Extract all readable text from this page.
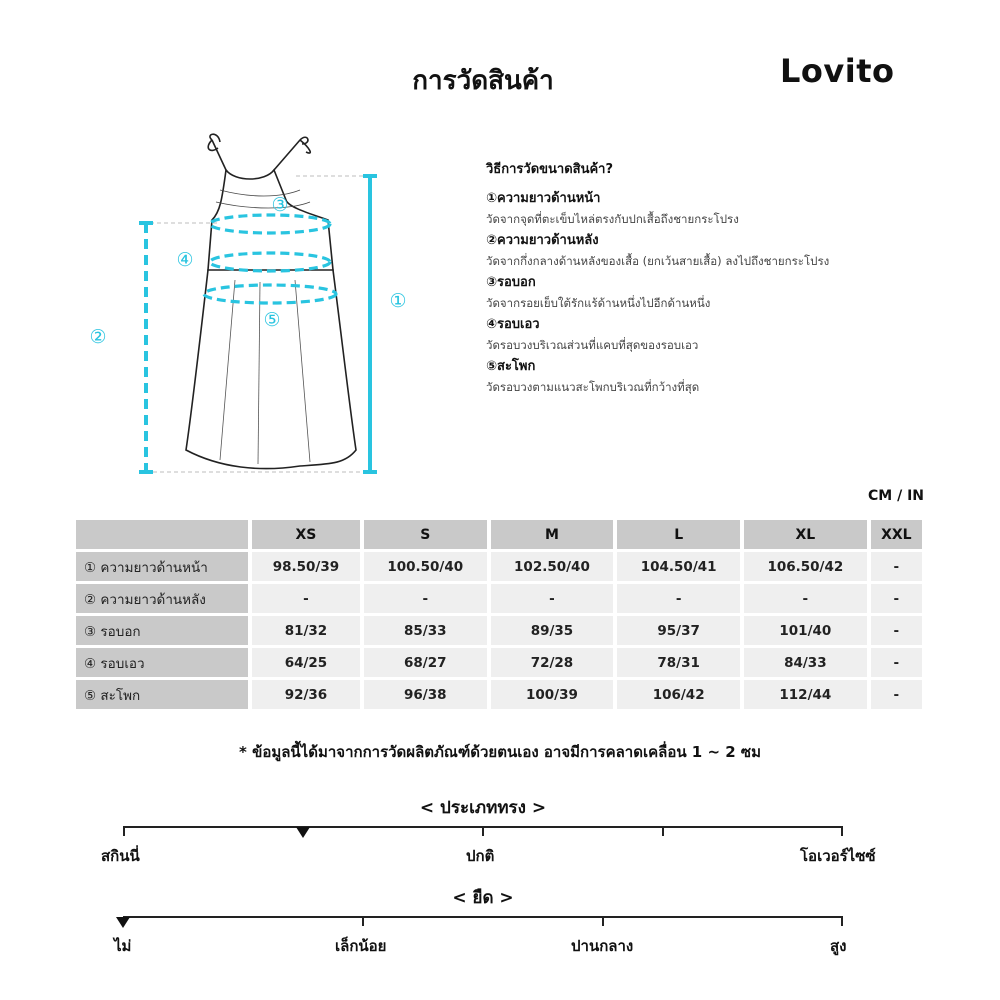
การวัดสินค้า	Lovito
①
②
③
④
⑤
วิธีการวัดขนาดสินค้า?
①ความยาวด้านหน้า
วัดจากจุดที่ตะเข็บไหล่ตรงกับปกเสื้อถึงชายกระโปรง
②ความยาวด้านหลัง
วัดจากกึ่งกลางด้านหลังของเสื้อ (ยกเว้นสายเสื้อ) ลงไปถึงชายกระโปรง
③รอบอก
วัดจากรอยเย็บใต้รักแร้ด้านหนึ่งไปอีกด้านหนึ่ง
④รอบเอว
วัดรอบวงบริเวณส่วนที่แคบที่สุดของรอบเอว
⑤สะโพก
วัดรอบวงตามแนวสะโพกบริเวณที่กว้างที่สุด
CM / IN
	XS	S	M	L	XL	XXL
① ความยาวด้านหน้า	98.50/39	100.50/40	102.50/40	104.50/41	106.50/42	-
② ความยาวด้านหลัง	-	-	-	-	-	-
③ รอบอก	81/32	85/33	89/35	95/37	101/40	-
④ รอบเอว	64/25	68/27	72/28	78/31	84/33	-
⑤ สะโพก	92/36	96/38	100/39	106/42	112/44	-
* ข้อมูลนี้ได้มาจากการวัดผลิตภัณฑ์ด้วยตนเอง อาจมีการคลาดเคลื่อน 1 ~ 2 ซม
< ประเภททรง >
สกินนี่	ปกติ	โอเวอร์ไซซ์
< ยืด >
ไม่	เล็กน้อย	ปานกลาง	สูง
